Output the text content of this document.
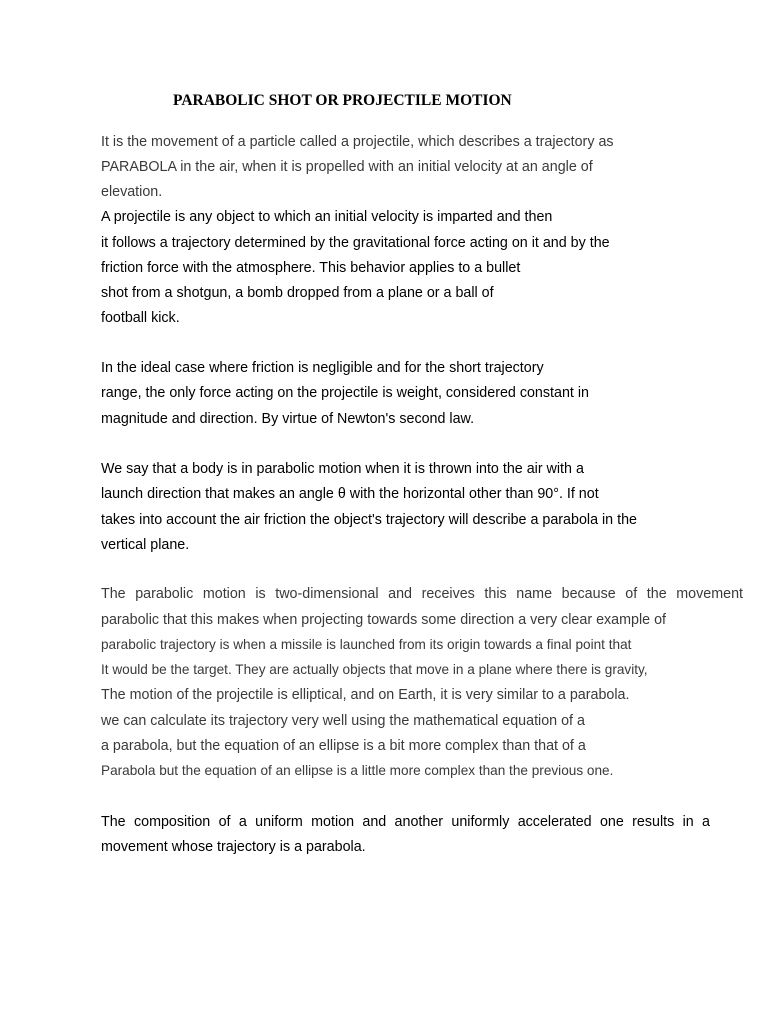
PARABOLIC SHOT OR PROJECTILE MOTION
It is the movement of a particle called a projectile, which describes a trajectory as
PARABOLA in the air, when it is propelled with an initial velocity at an angle of
elevation.
A projectile is any object to which an initial velocity is imparted and then
it follows a trajectory determined by the gravitational force acting on it and by the
friction force with the atmosphere. This behavior applies to a bullet
shot from a shotgun, a bomb dropped from a plane or a ball of
football kick.
In the ideal case where friction is negligible and for the short trajectory
range, the only force acting on the projectile is weight, considered constant in
magnitude and direction. By virtue of Newton's second law.
We say that a body is in parabolic motion when it is thrown into the air with a
launch direction that makes an angle θ with the horizontal other than 90°. If not
takes into account the air friction the object's trajectory will describe a parabola in the
vertical plane.
The parabolic motion is two-dimensional and receives this name because of the movement
parabolic that this makes when projecting towards some direction a very clear example of
parabolic trajectory is when a missile is launched from its origin towards a final point that
It would be the target. They are actually objects that move in a plane where there is gravity,
The motion of the projectile is elliptical, and on Earth, it is very similar to a parabola.
we can calculate its trajectory very well using the mathematical equation of a
a parabola, but the equation of an ellipse is a bit more complex than that of a
Parabola but the equation of an ellipse is a little more complex than the previous one.
The composition of a uniform motion and another uniformly accelerated one results in a
movement whose trajectory is a parabola.
